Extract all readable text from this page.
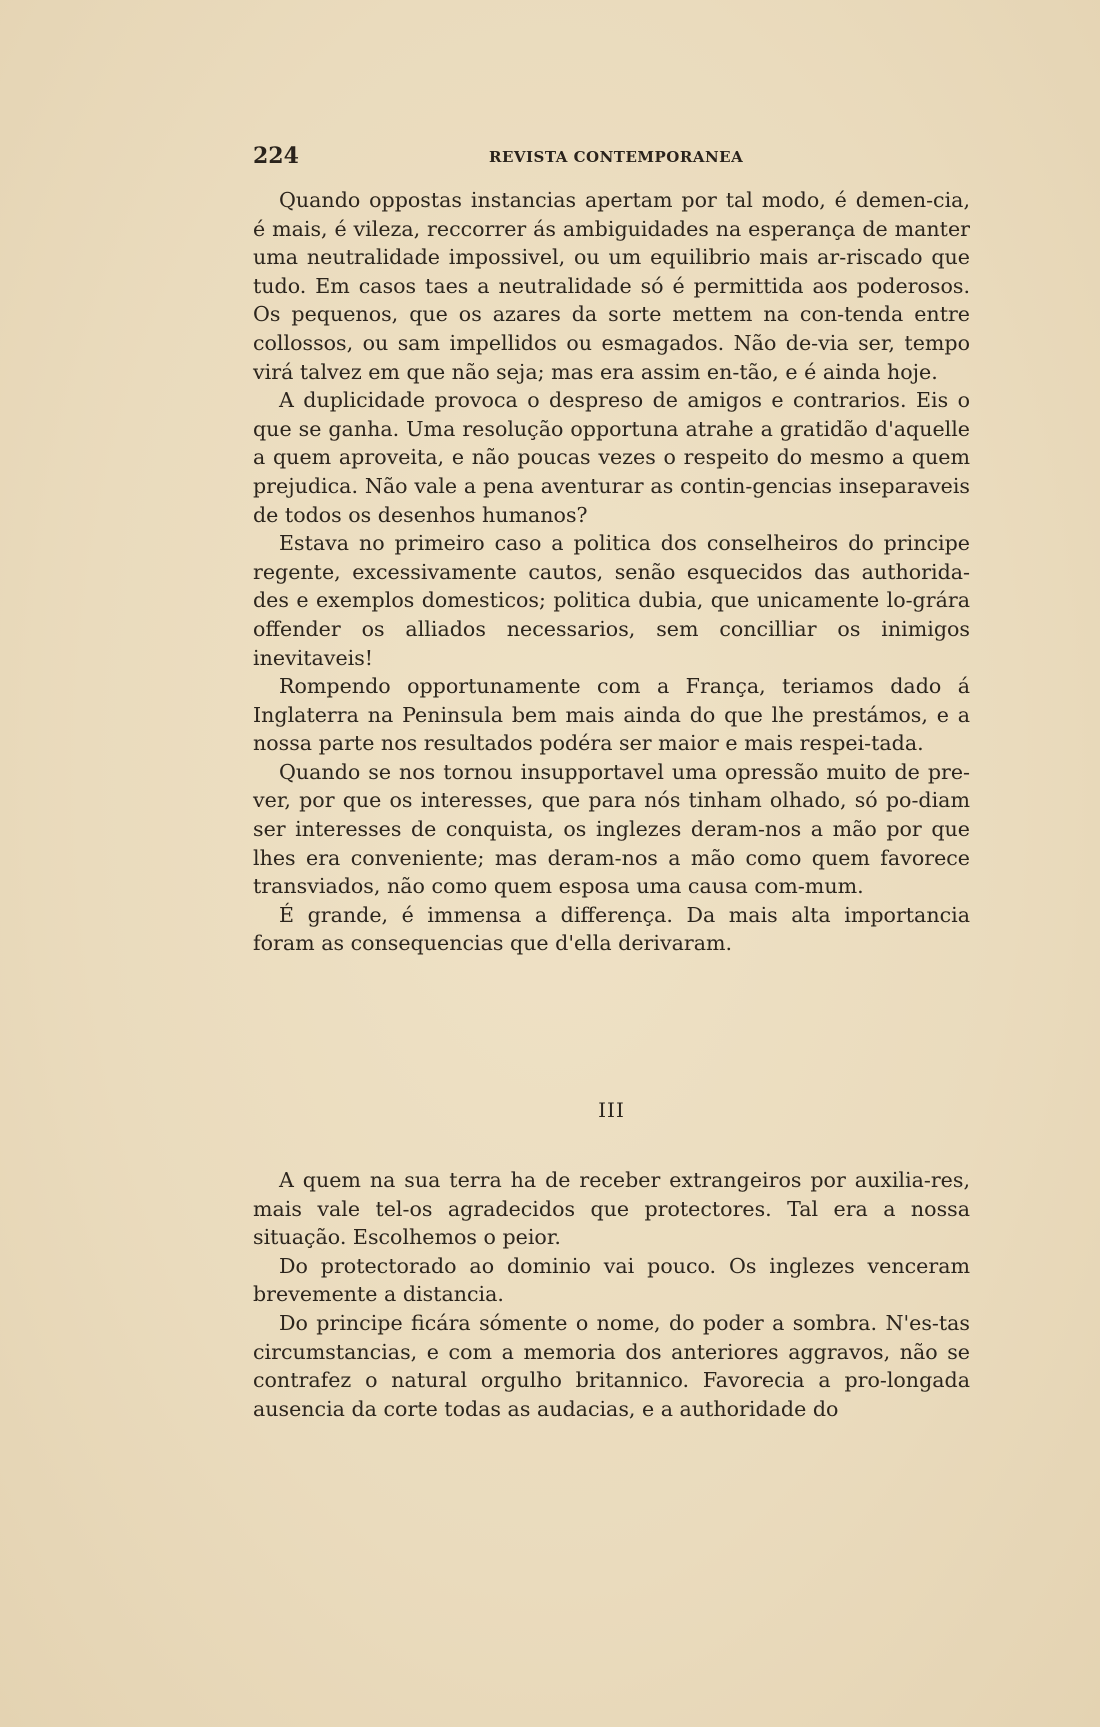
224	REVISTA CONTEMPORANEA

Quando oppostas instancias apertam por tal modo, é demen-cia, é mais, é vileza, reccorrer ás ambiguidades na esperança de manter uma neutralidade impossivel, ou um equilibrio mais ar-riscado que tudo. Em casos taes a neutralidade só é permittida aos poderosos. Os pequenos, que os azares da sorte mettem na con-tenda entre collossos, ou sam impellidos ou esmagados. Não de-via ser, tempo virá talvez em que não seja; mas era assim en-tão, e é ainda hoje.

A duplicidade provoca o despreso de amigos e contrarios. Eis o que se ganha. Uma resolução opportuna atrahe a gratidão d'aquelle a quem aproveita, e não poucas vezes o respeito do mesmo a quem prejudica. Não vale a pena aventurar as contin-gencias inseparaveis de todos os desenhos humanos?

Estava no primeiro caso a politica dos conselheiros do principe regente, excessivamente cautos, senão esquecidos das authorida-des e exemplos domesticos; politica dubia, que unicamente lo-grára offender os alliados necessarios, sem concilliar os inimigos inevitaveis!

Rompendo opportunamente com a França, teriamos dado á Inglaterra na Peninsula bem mais ainda do que lhe prestámos, e a nossa parte nos resultados podéra ser maior e mais respei-tada.

Quando se nos tornou insupportavel uma opressão muito de pre-ver, por que os interesses, que para nós tinham olhado, só po-diam ser interesses de conquista, os inglezes deram-nos a mão por que lhes era conveniente; mas deram-nos a mão como quem favorece transviados, não como quem esposa uma causa com-mum.

É grande, é immensa a differença. Da mais alta importancia foram as consequencias que d'ella derivaram.

III

A quem na sua terra ha de receber extrangeiros por auxilia-res, mais vale tel-os agradecidos que protectores. Tal era a nossa situação. Escolhemos o peior.

Do protectorado ao dominio vai pouco. Os inglezes venceram brevemente a distancia.

Do principe ficára sómente o nome, do poder a sombra. N'es-tas circumstancias, e com a memoria dos anteriores aggravos, não se contrafez o natural orgulho britannico. Favorecia a pro-longada ausencia da corte todas as audacias, e a authoridade do
